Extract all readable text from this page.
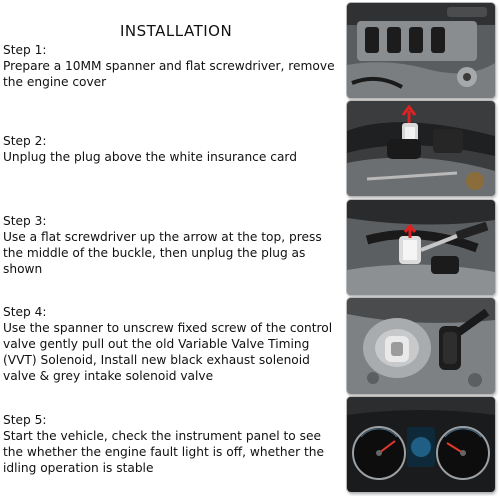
INSTALLATION
Step 1:
Prepare a 10MM spanner and flat screwdriver, remove the engine cover
Step 2:
Unplug the plug above the white insurance card
Step 3:
Use a flat screwdriver up the arrow at the top, press the middle of the buckle, then unplug the plug as shown
Step 4:
Use the spanner to unscrew fixed screw of the control valve gently pull out the old Variable Valve Timing (VVT) Solenoid, Install new black exhaust solenoid valve & grey intake solenoid valve
Step 5:
Start the vehicle, check the instrument panel to see the whether the engine fault light is off, whether the idling operation is stable
